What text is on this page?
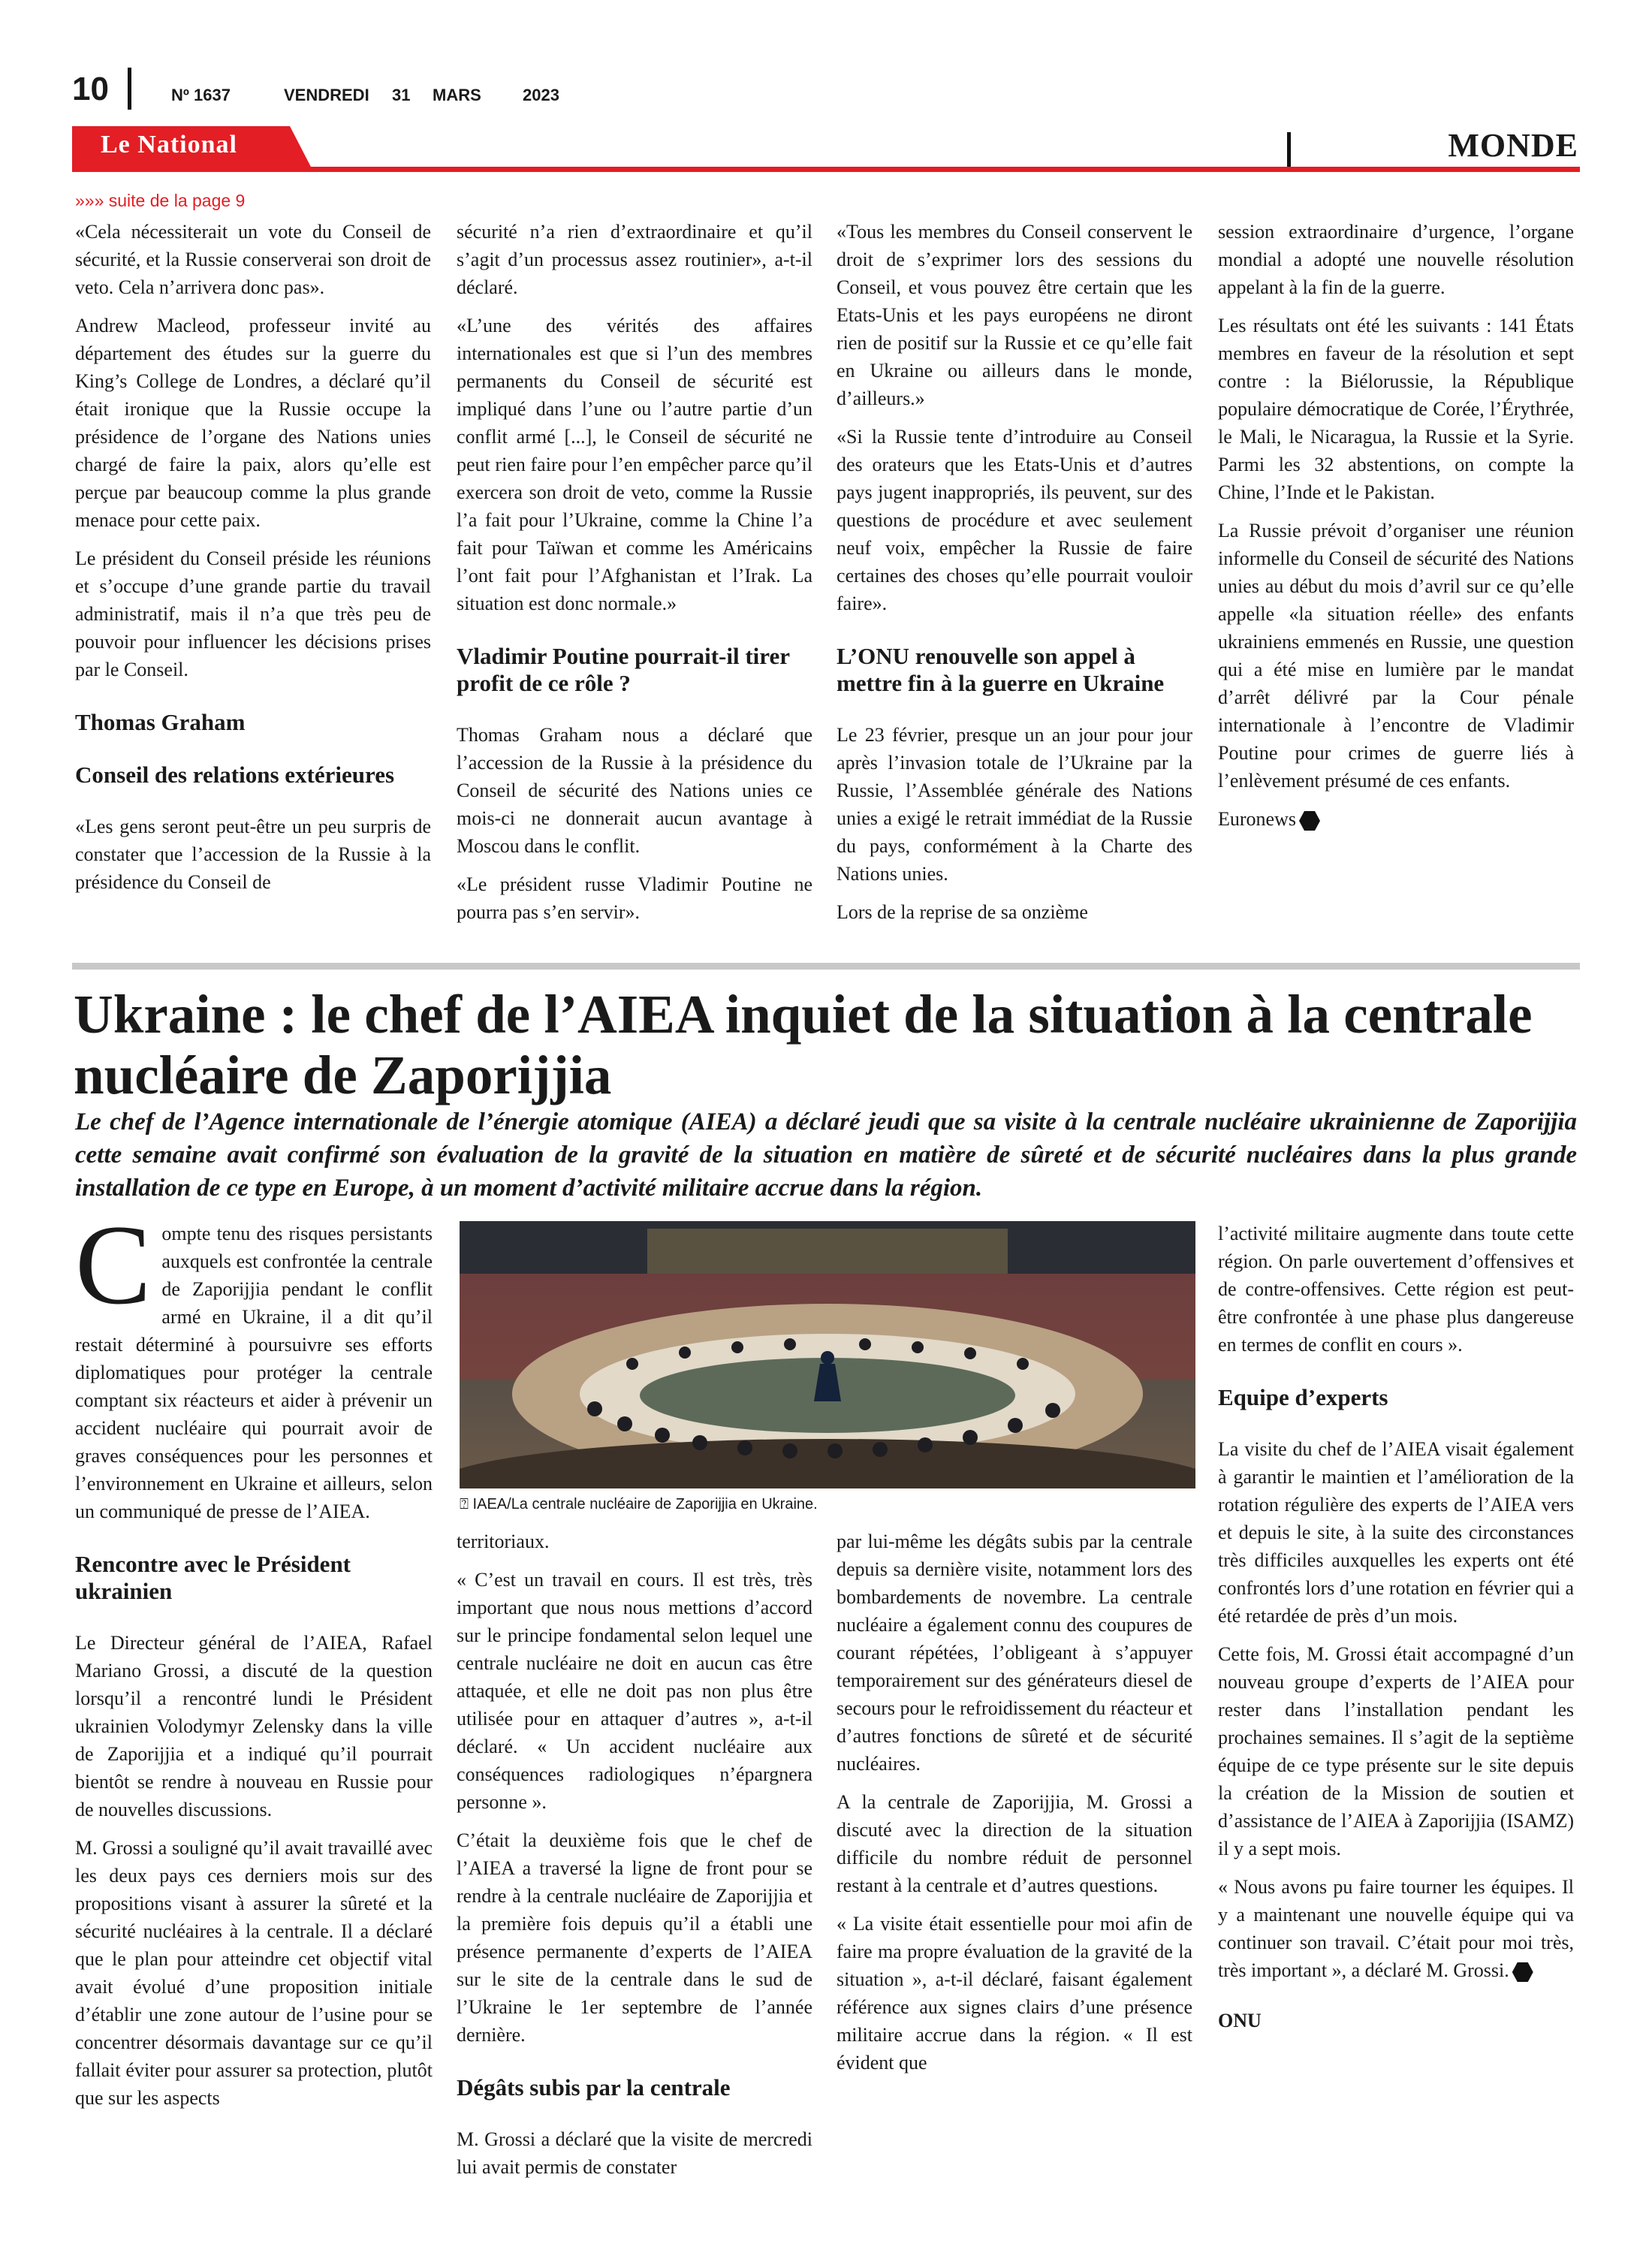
10	Nº 1637	VENDREDI 31 MARS	2023
Le National	MONDE
»»» suite de la page 9

«Cela nécessiterait un vote du Conseil de sécurité, et la Russie conserverai son droit de veto. Cela n’arrivera donc pas».

Andrew Macleod, professeur invité au département des études sur la guerre du King’s College de Londres, a déclaré qu’il était ironique que la Russie occupe la présidence de l’organe des Nations unies chargé de faire la paix, alors qu’elle est perçue par beaucoup comme la plus grande menace pour cette paix.

Le président du Conseil préside les réunions et s’occupe d’une grande partie du travail administratif, mais il n’a que très peu de pouvoir pour influencer les décisions prises par le Conseil.

Thomas Graham
Conseil des relations extérieures

«Les gens seront peut-être un peu surpris de constater que l’accession de la Russie à la présidence du Conseil de

sécurité n’a rien d’extraordinaire et qu’il s’agit d’un processus assez routinier», a-t-il déclaré.

«L’une des vérités des affaires internationales est que si l’un des membres permanents du Conseil de sécurité est impliqué dans l’une ou l’autre partie d’un conflit armé [...], le Conseil de sécurité ne peut rien faire pour l’en empêcher parce qu’il exercera son droit de veto, comme la Russie l’a fait pour l’Ukraine, comme la Chine l’a fait pour Taïwan et comme les Américains l’ont fait pour l’Afghanistan et l’Irak. La situation est donc normale.»

Vladimir Poutine pourrait-il tirer profit de ce rôle ?

Thomas Graham nous a déclaré que l’accession de la Russie à la présidence du Conseil de sécurité des Nations unies ce mois-ci ne donnerait aucun avantage à Moscou dans le conflit.

«Le président russe Vladimir Poutine ne pourra pas s’en servir».

«Tous les membres du Conseil conservent le droit de s’exprimer lors des sessions du Conseil, et vous pouvez être certain que les Etats-Unis et les pays européens ne diront rien de positif sur la Russie et ce qu’elle fait en Ukraine ou ailleurs dans le monde, d’ailleurs.»

«Si la Russie tente d’introduire au Conseil des orateurs que les Etats-Unis et d’autres pays jugent inappropriés, ils peuvent, sur des questions de procédure et avec seulement neuf voix, empêcher la Russie de faire certaines des choses qu’elle pourrait vouloir faire».

L’ONU renouvelle son appel à mettre fin à la guerre en Ukraine

Le 23 février, presque un an jour pour jour après l’invasion totale de l’Ukraine par la Russie, l’Assemblée générale des Nations unies a exigé le retrait immédiat de la Russie du pays, conformément à la Charte des Nations unies.

Lors de la reprise de sa onzième

session extraordinaire d’urgence, l’organe mondial a adopté une nouvelle résolution appelant à la fin de la guerre.

Les résultats ont été les suivants : 141 États membres en faveur de la résolution et sept contre : la Biélorussie, la République populaire démocratique de Corée, l’Érythrée, le Mali, le Nicaragua, la Russie et la Syrie. Parmi les 32 abstentions, on compte la Chine, l’Inde et le Pakistan.

La Russie prévoit d’organiser une réunion informelle du Conseil de sécurité des Nations unies au début du mois d’avril sur ce qu’elle appelle «la situation réelle» des enfants ukrainiens emmenés en Russie, une question qui a été mise en lumière par le mandat d’arrêt délivré par la Cour pénale internationale à l’encontre de Vladimir Poutine pour crimes de guerre liés à l’enlèvement présumé de ces enfants.

Euronews

Ukraine : le chef de l’AIEA inquiet de la situation à la centrale nucléaire de Zaporijjia
Le chef de l’Agence internationale de l’énergie atomique (AIEA) a déclaré jeudi que sa visite à la centrale nucléaire ukrainienne de Zaporijjia cette semaine avait confirmé son évaluation de la gravité de la situation en matière de sûreté et de sécurité nucléaires dans la plus grande installation de ce type en Europe, à un moment d’activité militaire accrue dans la région.

Compte tenu des risques persistants auxquels est confrontée la centrale de Zaporijjia pendant le conflit armé en Ukraine, il a dit qu’il restait déterminé à poursuivre ses efforts diplomatiques pour protéger la centrale comptant six réacteurs et aider à prévenir un accident nucléaire qui pourrait avoir de graves conséquences pour les personnes et l’environnement en Ukraine et ailleurs, selon un communiqué de presse de l’AIEA.

Rencontre avec le Président ukrainien

Le Directeur général de l’AIEA, Rafael Mariano Grossi, a discuté de la question lorsqu’il a rencontré lundi le Président ukrainien Volodymyr Zelensky dans la ville de Zaporijjia et a indiqué qu’il pourrait bientôt se rendre à nouveau en Russie pour de nouvelles discussions.

M. Grossi a souligné qu’il avait travaillé avec les deux pays ces derniers mois sur des propositions visant à assurer la sûreté et la sécurité nucléaires à la centrale. Il a déclaré que le plan pour atteindre cet objectif vital avait évolué d’une proposition initiale d’établir une zone autour de l’usine pour se concentrer désormais davantage sur ce qu’il fallait éviter pour assurer sa protection, plutôt que sur les aspects

⍰ IAEA/La centrale nucléaire de Zaporijjia en Ukraine.

territoriaux.

« C’est un travail en cours. Il est très, très important que nous nous mettions d’accord sur le principe fondamental selon lequel une centrale nucléaire ne doit en aucun cas être attaquée, et elle ne doit pas non plus être utilisée pour en attaquer d’autres », a-t-il déclaré. « Un accident nucléaire aux conséquences radiologiques n’épargnera personne ».

C’était la deuxième fois que le chef de l’AIEA a traversé la ligne de front pour se rendre à la centrale nucléaire de Zaporijjia et la première fois depuis qu’il a établi une présence permanente d’experts de l’AIEA sur le site de la centrale dans le sud de l’Ukraine le 1er septembre de l’année dernière.

Dégâts subis par la centrale

M. Grossi a déclaré que la visite de mercredi lui avait permis de constater

par lui-même les dégâts subis par la centrale depuis sa dernière visite, notamment lors des bombardements de novembre. La centrale nucléaire a également connu des coupures de courant répétées, l’obligeant à s’appuyer temporairement sur des générateurs diesel de secours pour le refroidissement du réacteur et d’autres fonctions de sûreté et de sécurité nucléaires.

A la centrale de Zaporijjia, M. Grossi a discuté avec la direction de la situation difficile du nombre réduit de personnel restant à la centrale et d’autres questions.

« La visite était essentielle pour moi afin de faire ma propre évaluation de la gravité de la situation », a-t-il déclaré, faisant également référence aux signes clairs d’une présence militaire accrue dans la région. « Il est évident que

l’activité militaire augmente dans toute cette région. On parle ouvertement d’offensives et de contre-offensives. Cette région est peut-être confrontée à une phase plus dangereuse en termes de conflit en cours ».

Equipe d’experts

La visite du chef de l’AIEA visait également à garantir le maintien et l’amélioration de la rotation régulière des experts de l’AIEA vers et depuis le site, à la suite des circonstances très difficiles auxquelles les experts ont été confrontés lors d’une rotation en février qui a été retardée de près d’un mois.

Cette fois, M. Grossi était accompagné d’un nouveau groupe d’experts de l’AIEA pour rester dans l’installation pendant les prochaines semaines. Il s’agit de la septième équipe de ce type présente sur le site depuis la création de la Mission de soutien et d’assistance de l’AIEA à Zaporijjia (ISAMZ) il y a sept mois.

« Nous avons pu faire tourner les équipes. Il y a maintenant une nouvelle équipe qui va continuer son travail. C’était pour moi très, très important », a déclaré M. Grossi.

ONU
